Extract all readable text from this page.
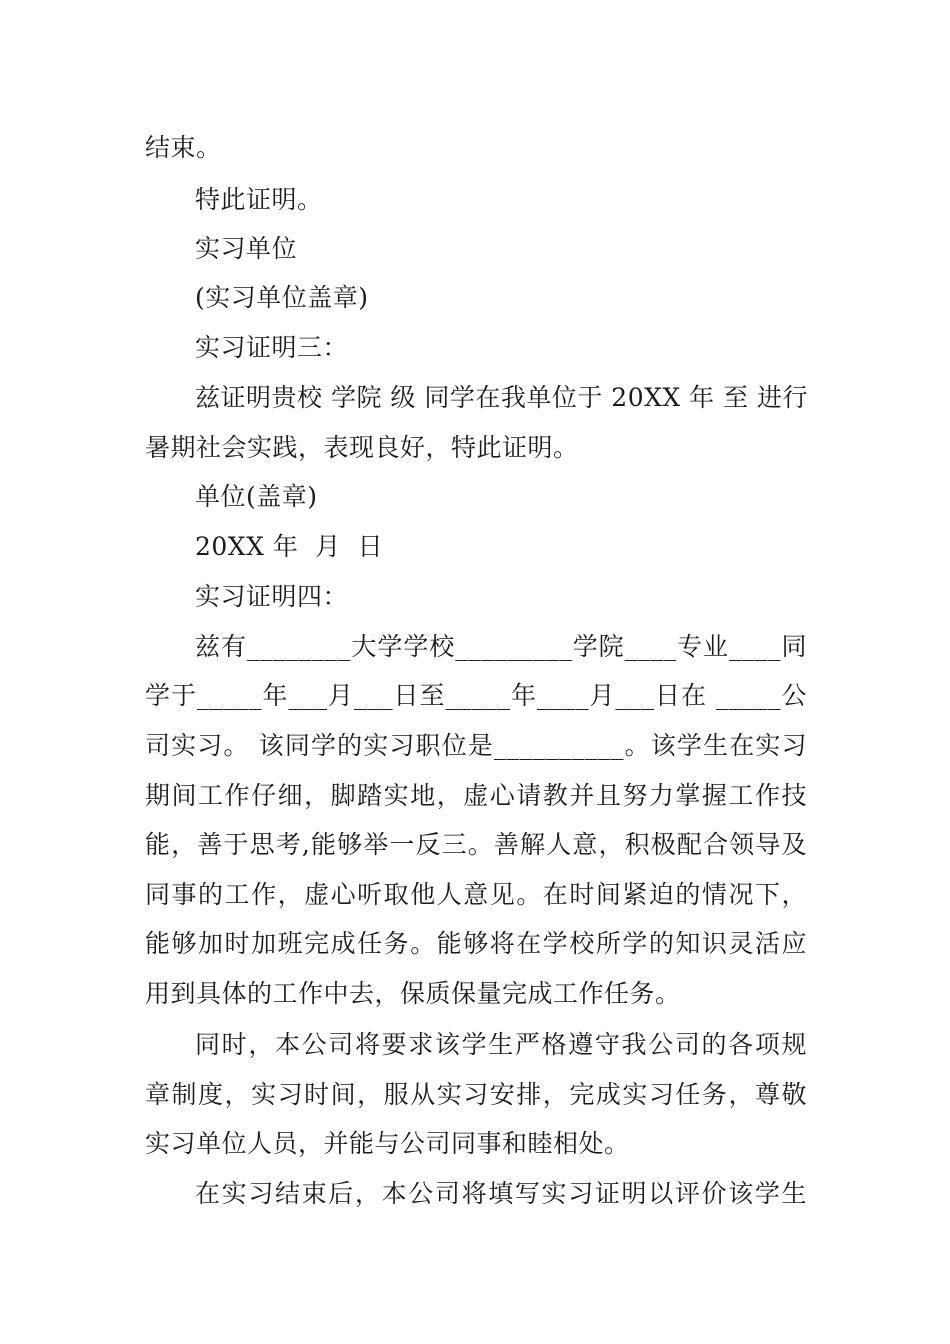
结束。
特此证明。
实习单位
(实习单位盖章)
实习证明三：
兹证明贵校 学院 级 同学在我单位于 20XX 年 至 进行
暑期社会实践，表现良好，特此证明。
单位(盖章)
20XX 年  月  日
实习证明四：
兹有________大学学校_________学院____专业____同
学于_____年___月___日至_____年____月___日在 _____公
司实习。 该同学的实习职位是__________。该学生在实习
期间工作仔细，脚踏实地，虚心请教并且努力掌握工作技
能，善于思考,能够举一反三。善解人意，积极配合领导及
同事的工作，虚心听取他人意见。在时间紧迫的情况下，
能够加时加班完成任务。能够将在学校所学的知识灵活应
用到具体的工作中去，保质保量完成工作任务。
同时，本公司将要求该学生严格遵守我公司的各项规
章制度，实习时间，服从实习安排，完成实习任务，尊敬
实习单位人员，并能与公司同事和睦相处。
在实习结束后，本公司将填写实习证明以评价该学生
